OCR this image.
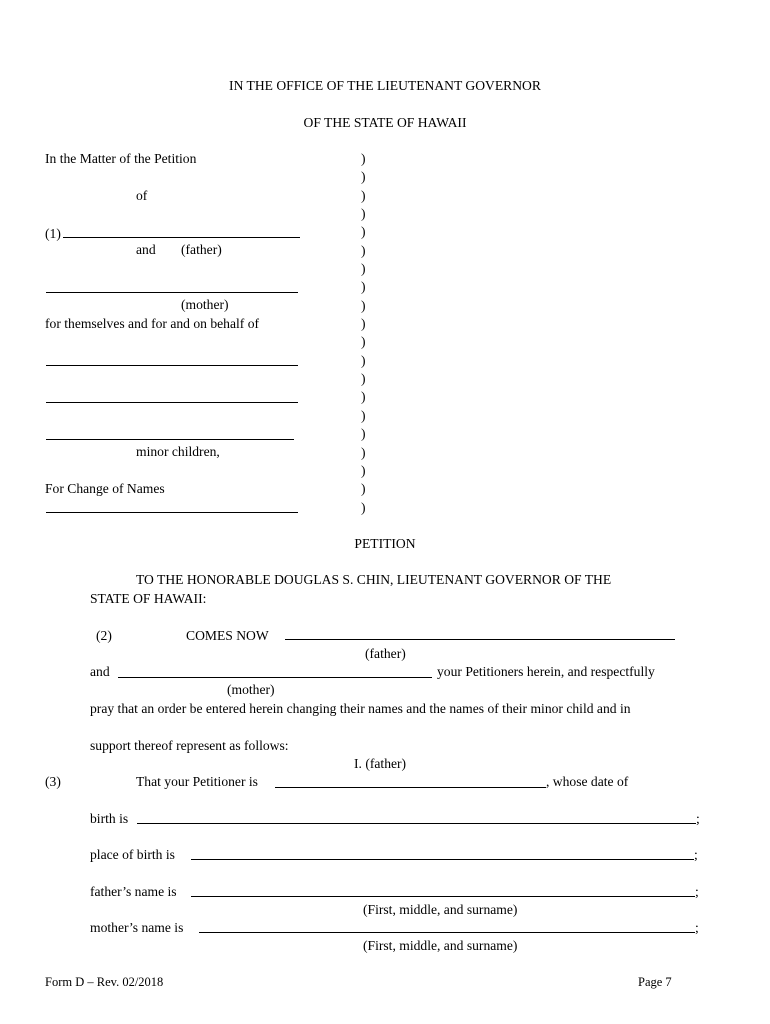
IN THE OFFICE OF THE LIEUTENANT GOVERNOR
OF THE STATE OF HAWAII
In the Matter of the Petition
of
(1)
and (father)
(mother)
for themselves and for and on behalf of
minor children,
For Change of Names
)
)
)
)
)
)
)
)
)
)
)
)
)
)
)
)
)
)
)
)
PETITION
TO THE HONORABLE DOUGLAS S. CHIN, LIEUTENANT GOVERNOR OF THE
STATE OF HAWAII:
(2)	COMES NOW
(father)
and	your Petitioners herein, and respectfully
(mother)
pray that an order be entered herein changing their names and the names of their minor child and in
support thereof represent as follows:
I. (father)
(3)	That your Petitioner is	, whose date of
birth is	;
place of birth is	;
father’s name is	;
(First, middle, and surname)
mother’s name is	;
(First, middle, and surname)
Form D – Rev. 02/2018	Page 7
